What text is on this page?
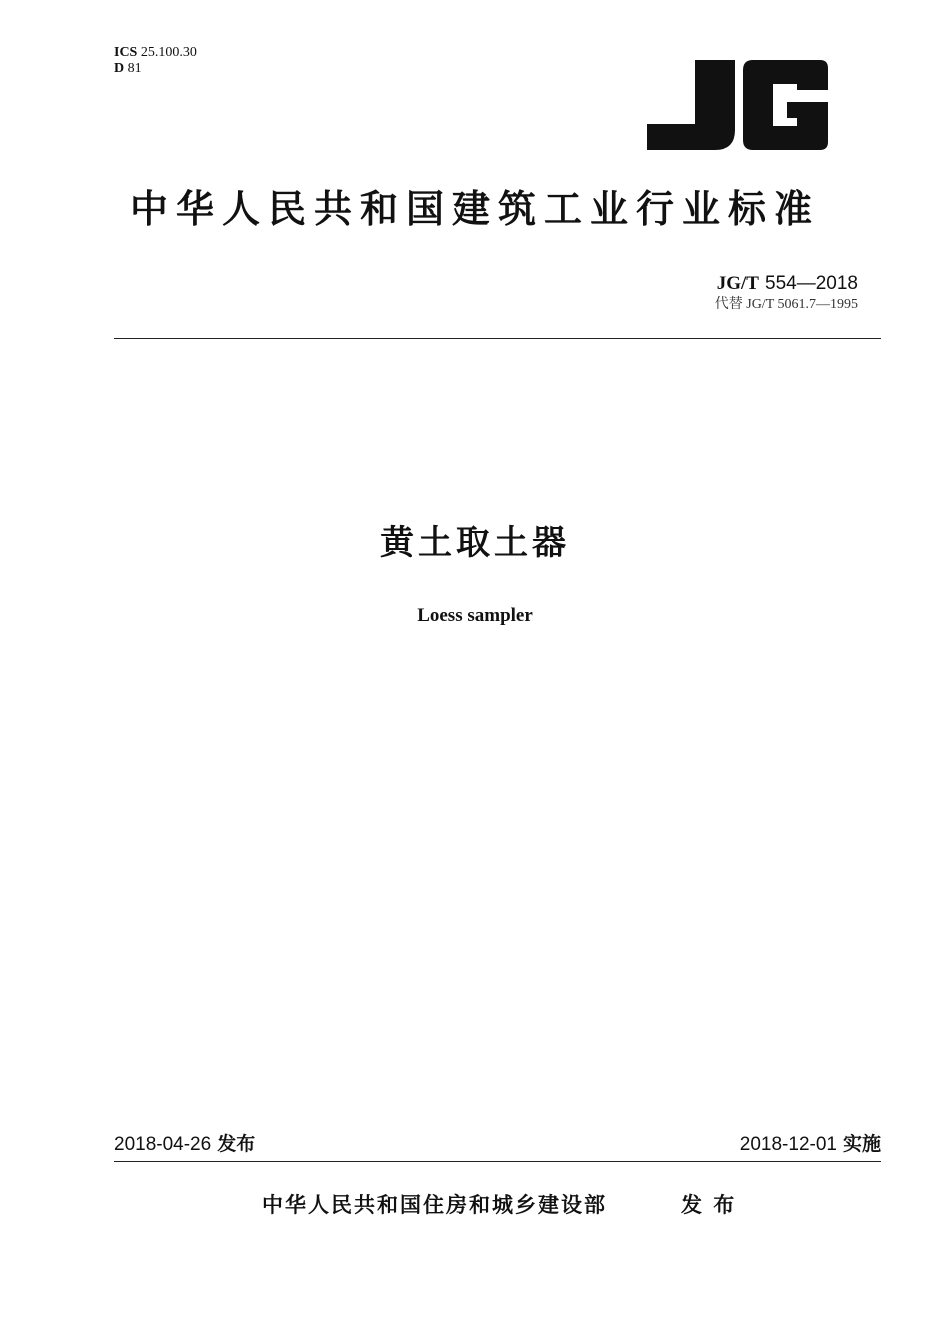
ICS 25.100.30
D 81
中华人民共和国建筑工业行业标准
JG/T 554—2018
代替 JG/T 5061.7—1995
黄土取土器
Loess sampler
2018-04-26 发布	2018-12-01 实施
中华人民共和国住房和城乡建设部	发 布
